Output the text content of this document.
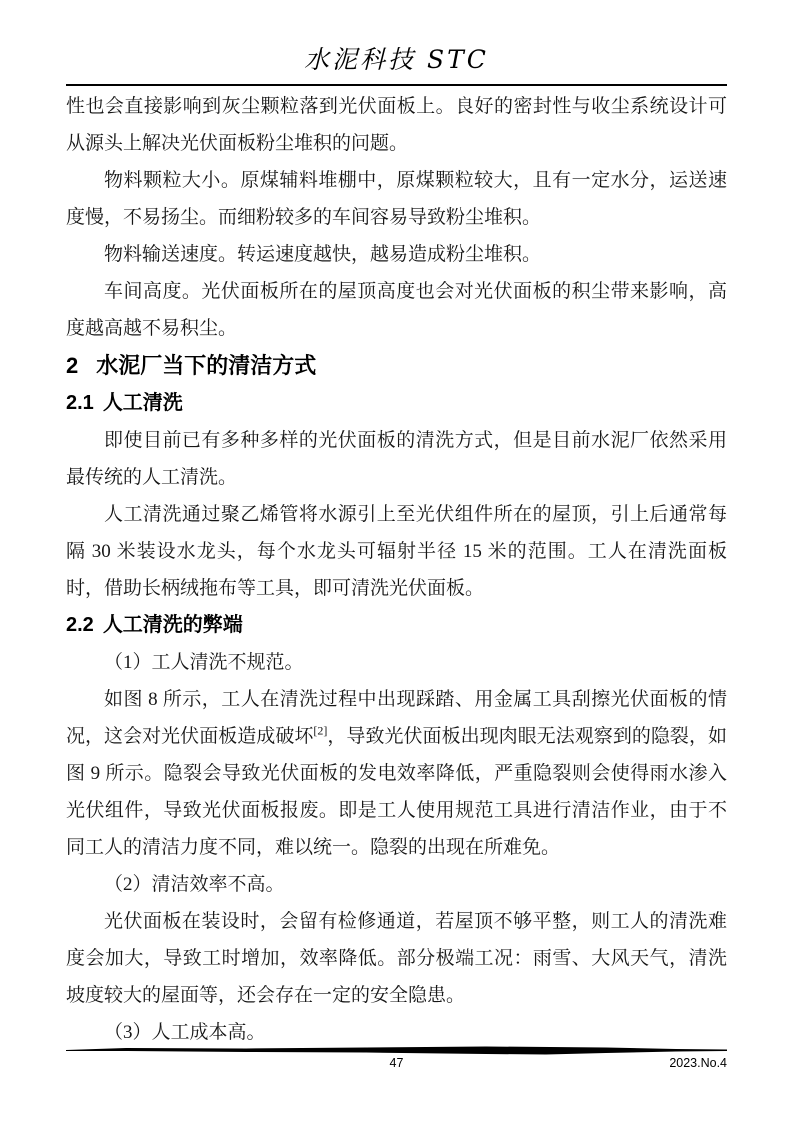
水泥科技 STC

性也会直接影响到灰尘颗粒落到光伏面板上。良好的密封性与收尘系统设计可从源头上解决光伏面板粉尘堆积的问题。

物料颗粒大小。原煤辅料堆棚中，原煤颗粒较大，且有一定水分，运送速度慢，不易扬尘。而细粉较多的车间容易导致粉尘堆积。

物料输送速度。转运速度越快，越易造成粉尘堆积。

车间高度。光伏面板所在的屋顶高度也会对光伏面板的积尘带来影响，高度越高越不易积尘。

2 水泥厂当下的清洁方式
2.1 人工清洗

即使目前已有多种多样的光伏面板的清洗方式，但是目前水泥厂依然采用最传统的人工清洗。

人工清洗通过聚乙烯管将水源引上至光伏组件所在的屋顶，引上后通常每隔 30 米装设水龙头，每个水龙头可辐射半径 15 米的范围。工人在清洗面板时，借助长柄绒拖布等工具，即可清洗光伏面板。

2.2 人工清洗的弊端

（1）工人清洗不规范。

如图 8 所示，工人在清洗过程中出现踩踏、用金属工具刮擦光伏面板的情况，这会对光伏面板造成破坏[2]，导致光伏面板出现肉眼无法观察到的隐裂，如图 9 所示。隐裂会导致光伏面板的发电效率降低，严重隐裂则会使得雨水渗入光伏组件，导致光伏面板报废。即是工人使用规范工具进行清洁作业，由于不同工人的清洁力度不同，难以统一。隐裂的出现在所难免。

（2）清洁效率不高。

光伏面板在装设时，会留有检修通道，若屋顶不够平整，则工人的清洗难度会加大，导致工时增加，效率降低。部分极端工况：雨雪、大风天气，清洗坡度较大的屋面等，还会存在一定的安全隐患。

（3）人工成本高。

47	2023.No.4
